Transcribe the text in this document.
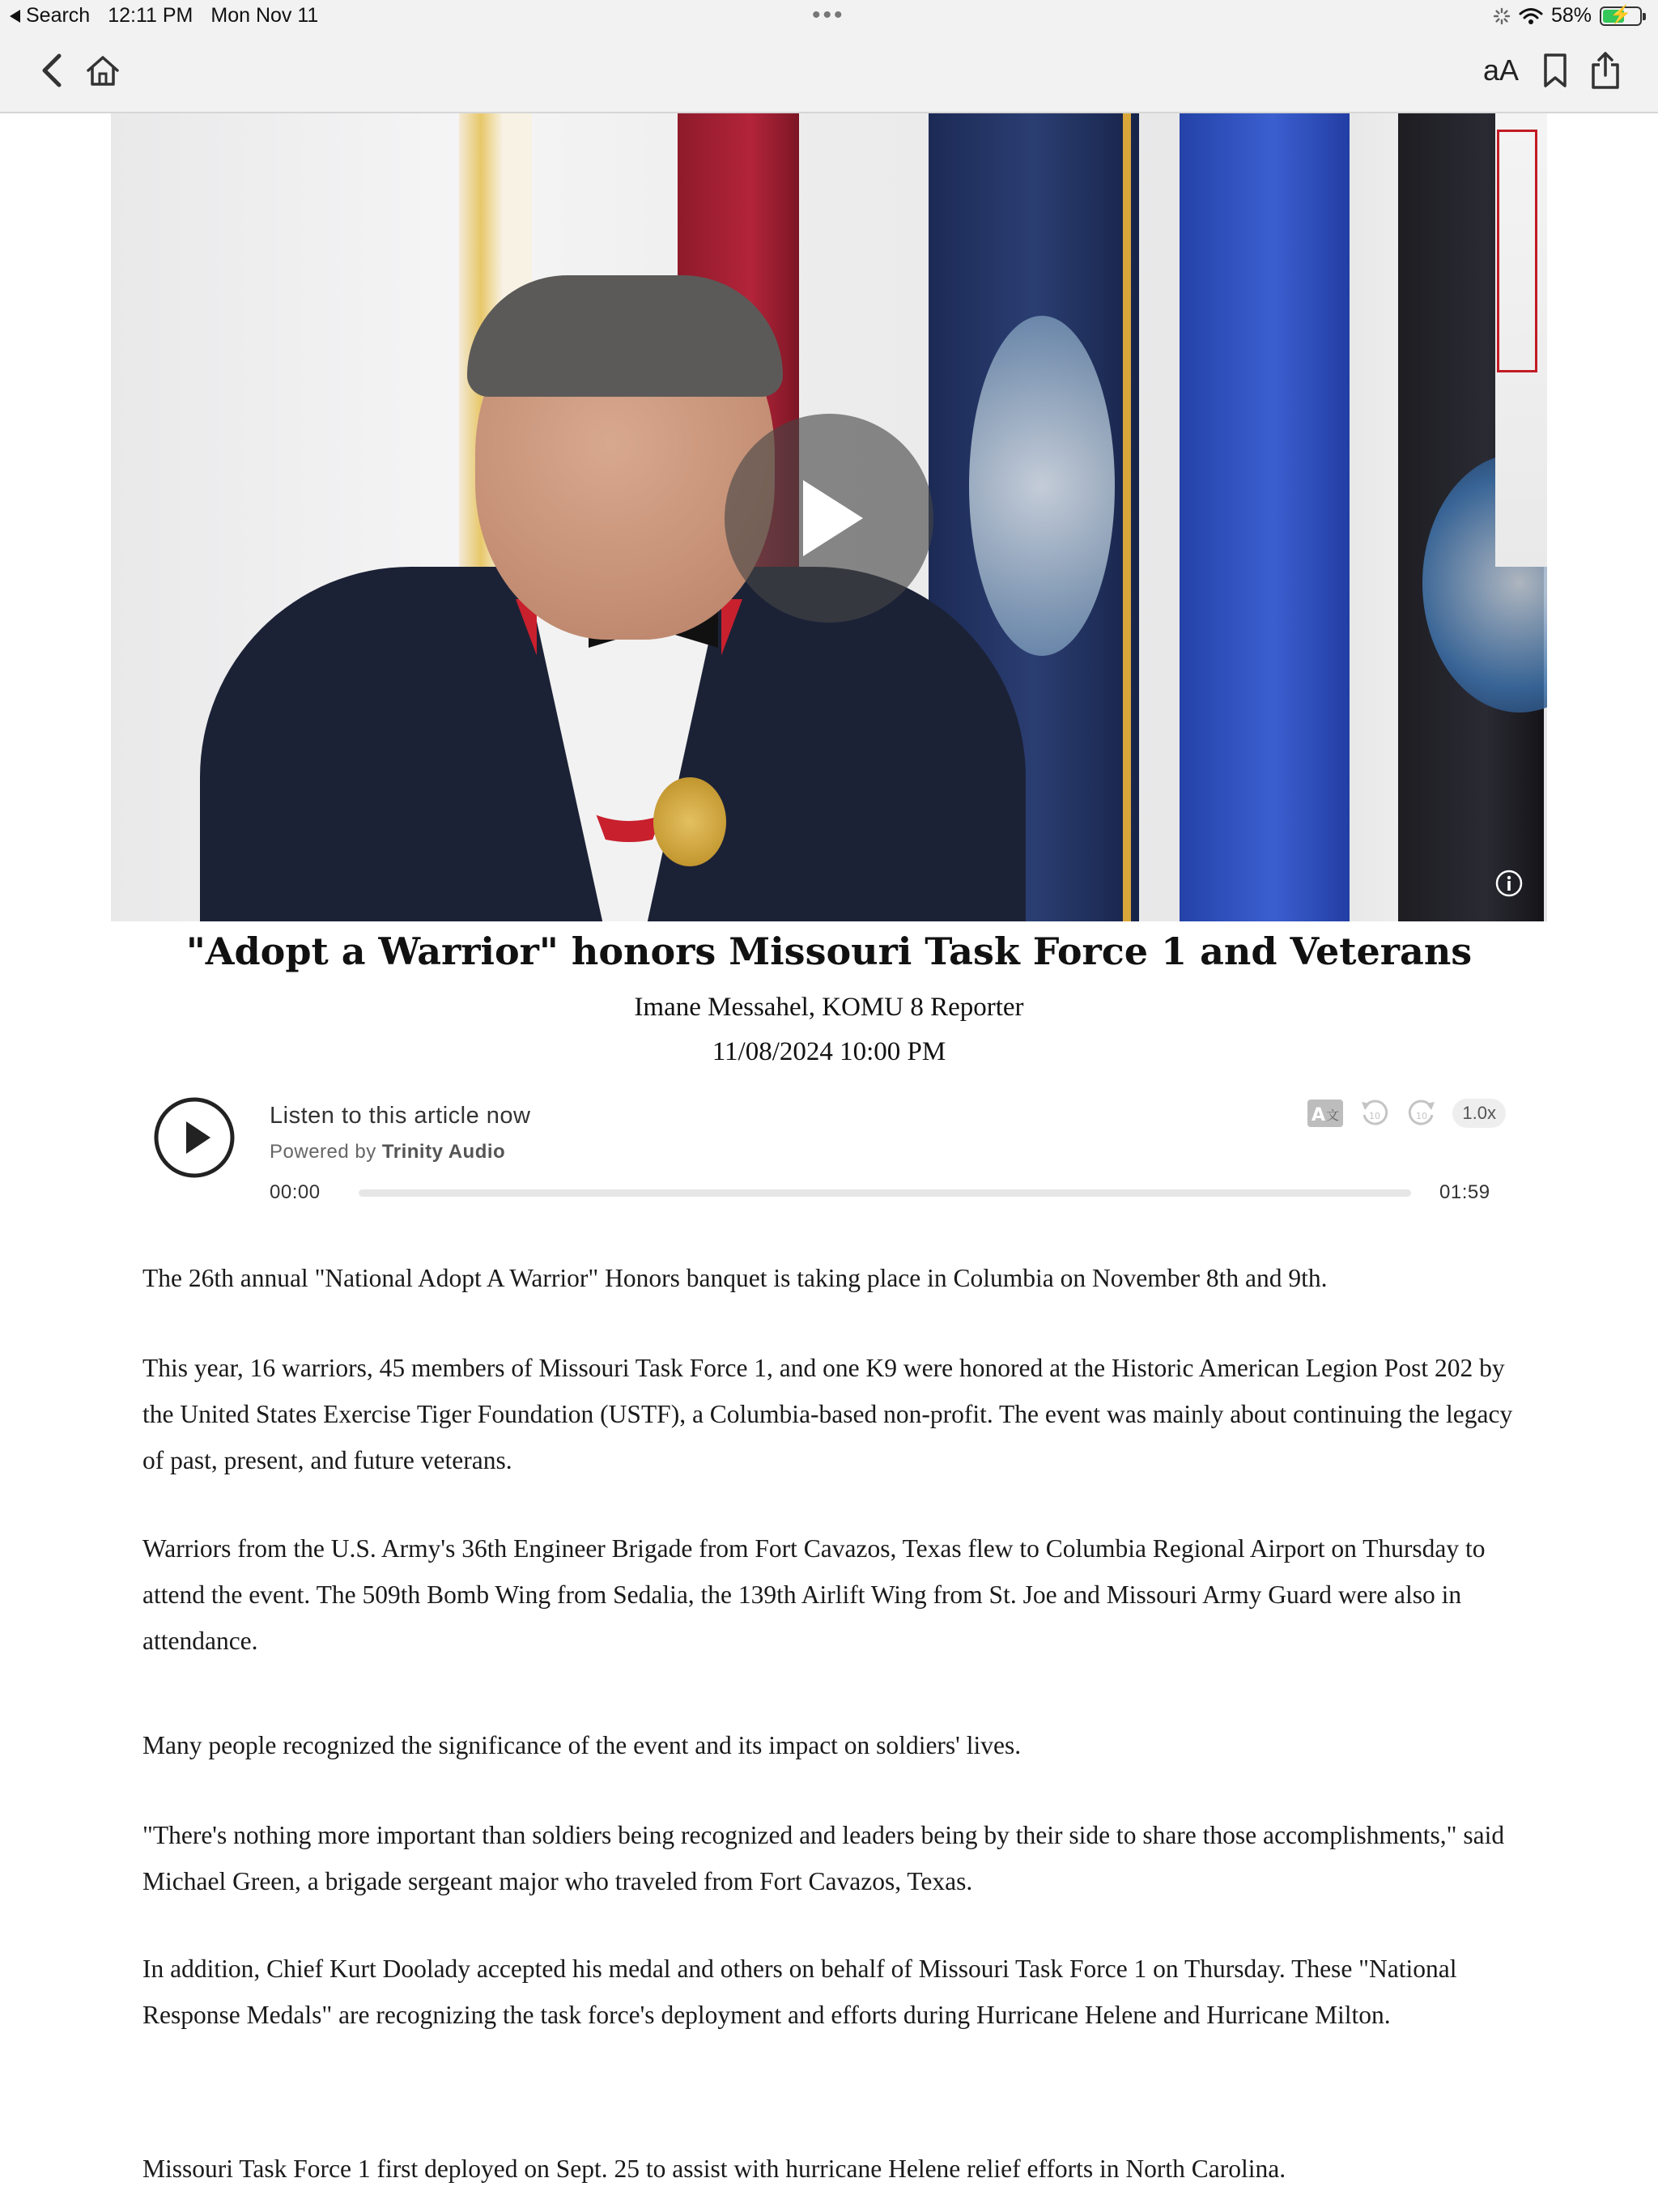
Search 12:11 PM Mon Nov 11	•••	58%	⚡
aA
"Adopt a Warrior" honors Missouri Task Force 1 and Veterans
Imane Messahel, KOMU 8 Reporter
11/08/2024 10:00 PM
Listen to this article now
Powered by Trinity Audio
A 文	10	10	1.0x
00:00	01:59

The 26th annual "National Adopt A Warrior" Honors banquet is taking place in Columbia on November 8th and 9th.

This year, 16 warriors, 45 members of Missouri Task Force 1, and one K9 were honored at the Historic American Legion Post 202 by the United States Exercise Tiger Foundation (USTF), a Columbia-based non-profit. The event was mainly about continuing the legacy of past, present, and future veterans.

Warriors from the U.S. Army's 36th Engineer Brigade from Fort Cavazos, Texas flew to Columbia Regional Airport on Thursday to attend the event. The 509th Bomb Wing from Sedalia, the 139th Airlift Wing from St. Joe and Missouri Army Guard were also in attendance.

Many people recognized the significance of the event and its impact on soldiers' lives.

"There's nothing more important than soldiers being recognized and leaders being by their side to share those accomplishments," said Michael Green, a brigade sergeant major who traveled from Fort Cavazos, Texas.

In addition, Chief Kurt Doolady accepted his medal and others on behalf of Missouri Task Force 1 on Thursday. These "National Response Medals" are recognizing the task force's deployment and efforts during Hurricane Helene and Hurricane Milton.

Missouri Task Force 1 first deployed on Sept. 25 to assist with hurricane Helene relief efforts in North Carolina.
